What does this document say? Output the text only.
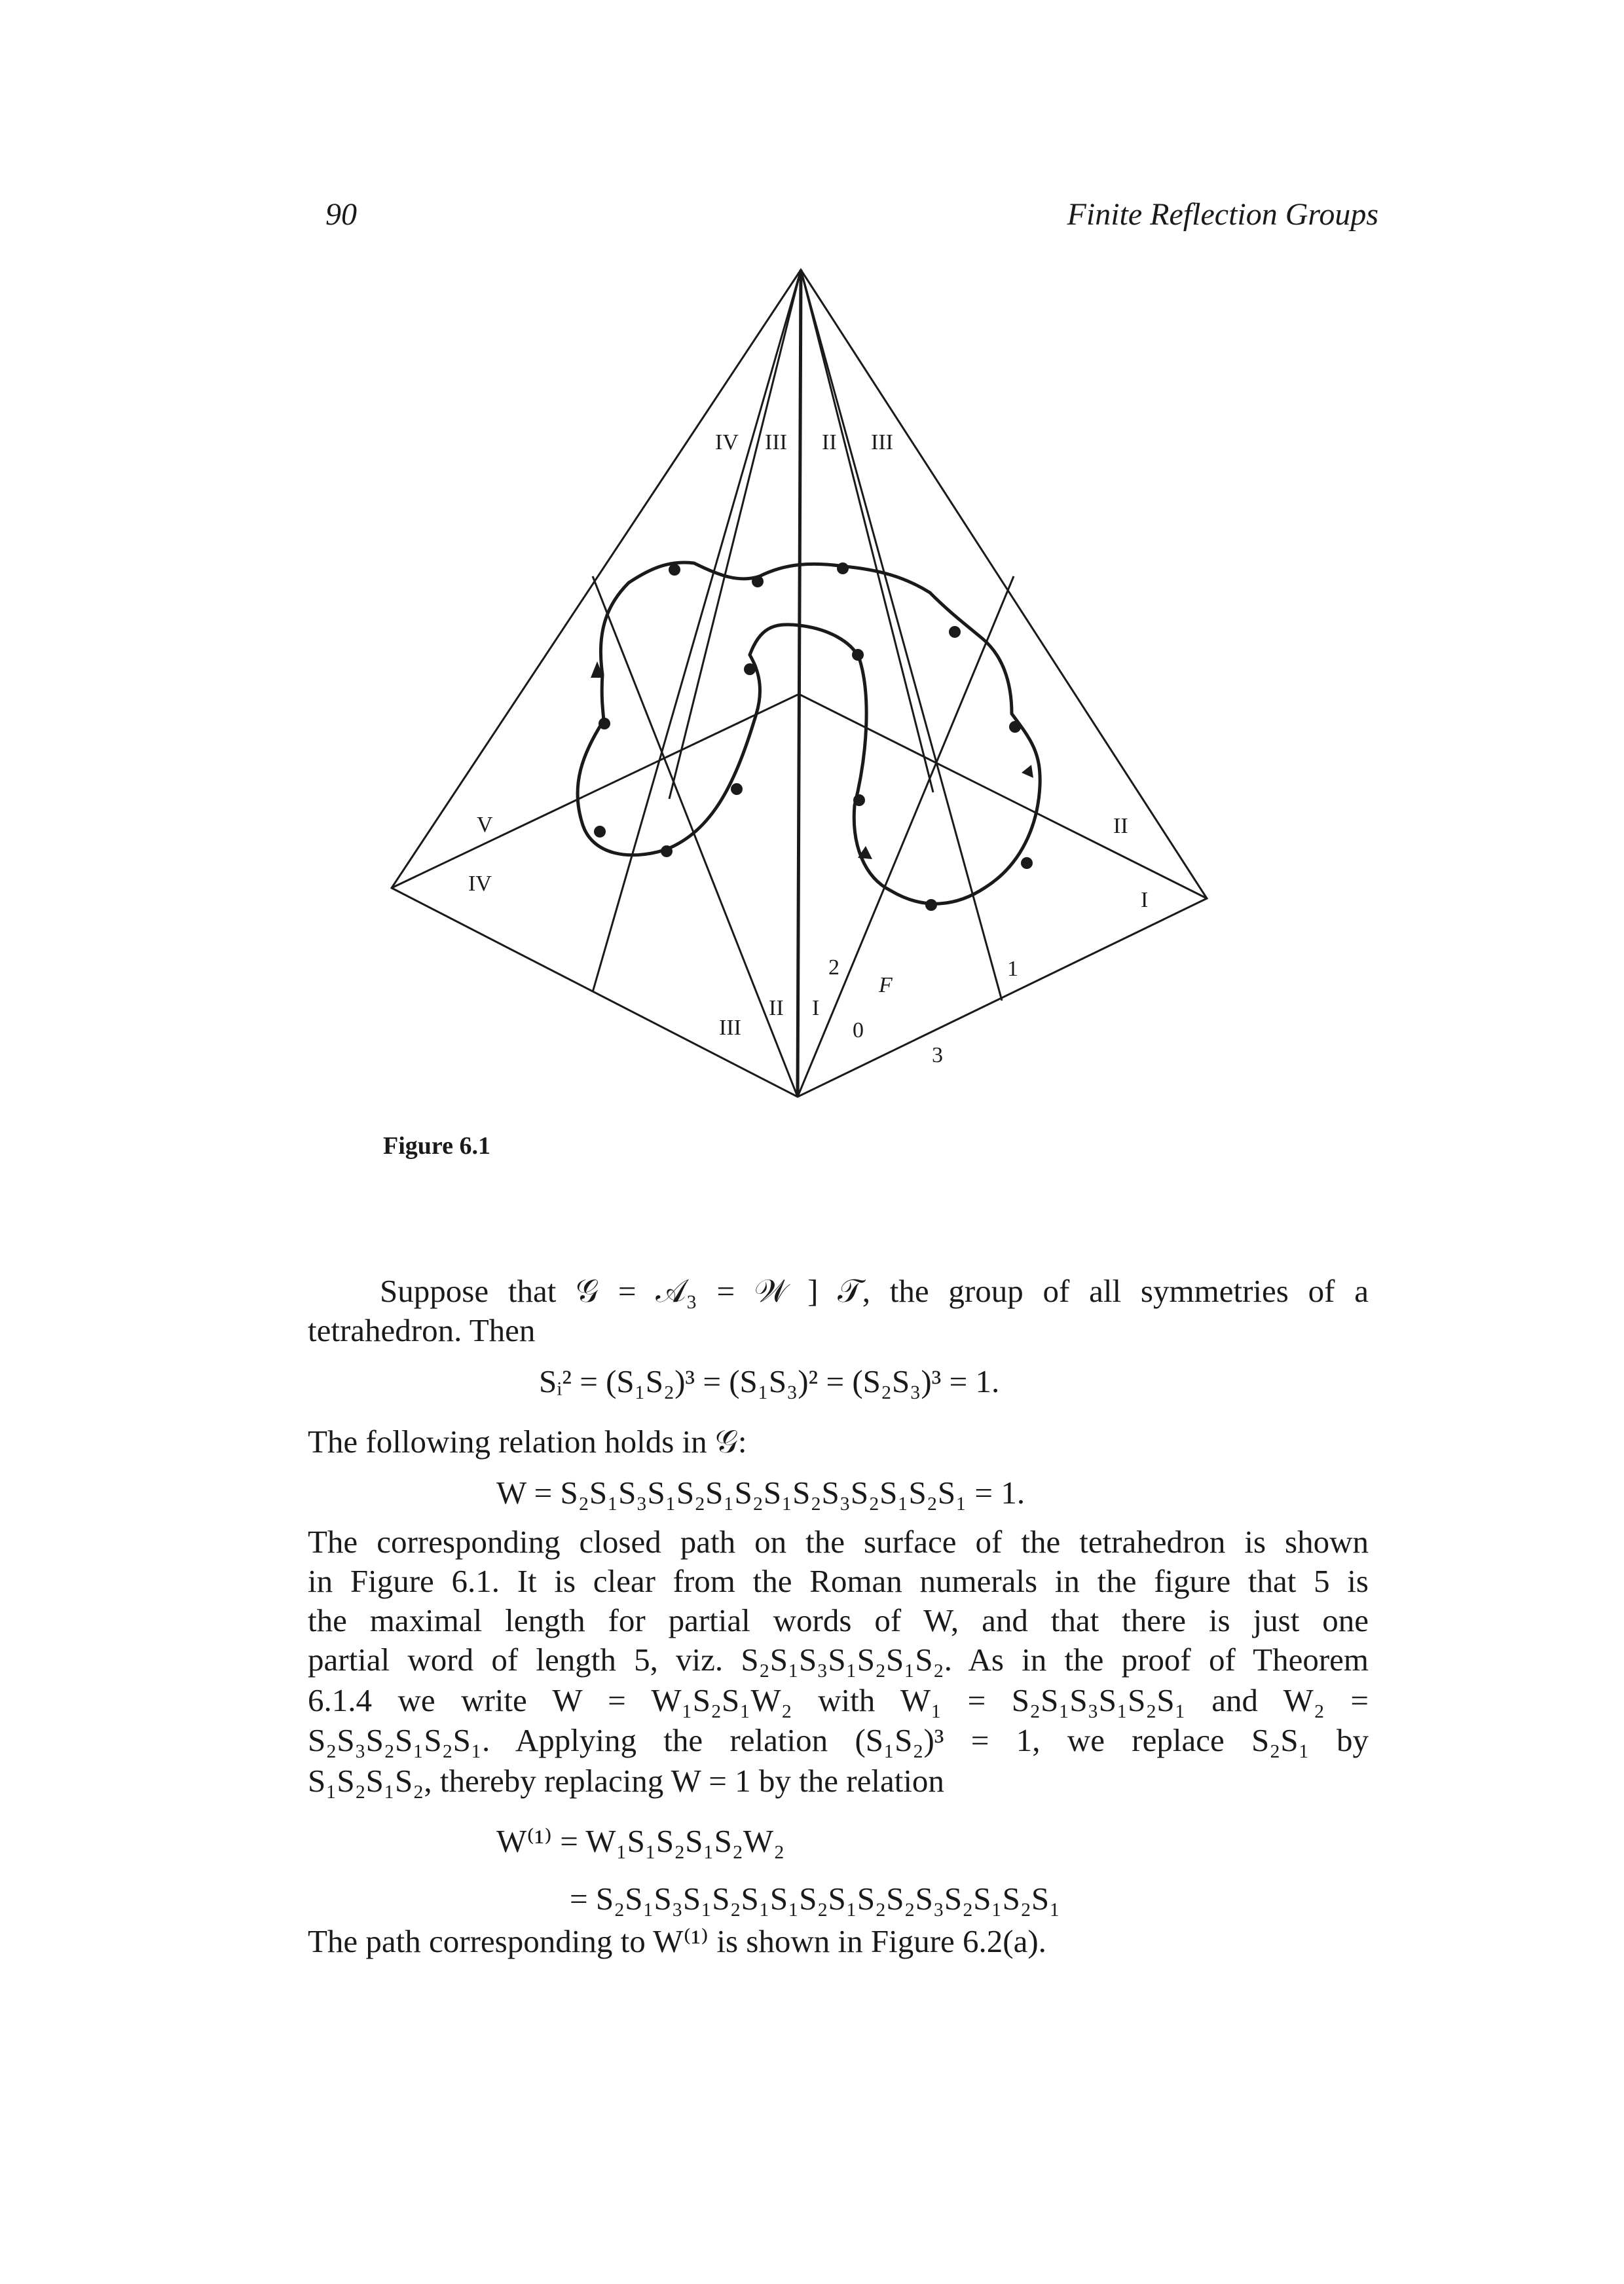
90	Finite Reflection Groups
IV III II III
V
IV
III
II I
II
I
2
F
0
1
3
Figure 6.1
Suppose that 𝒢 = 𝒜₃ = 𝒲 ] 𝒯, the group of all symmetries of a
tetrahedron. Then
Sᵢ² = (S₁S₂)³ = (S₁S₃)² = (S₂S₃)³ = 1.
The following relation holds in 𝒢:
W = S₂S₁S₃S₁S₂S₁S₂S₁S₂S₃S₂S₁S₂S₁ = 1.
The corresponding closed path on the surface of the tetrahedron is shown
in Figure 6.1. It is clear from the Roman numerals in the figure that 5 is
the maximal length for partial words of W, and that there is just one
partial word of length 5, viz. S₂S₁S₃S₁S₂S₁S₂. As in the proof of Theorem
6.1.4 we write W = W₁S₂S₁W₂ with W₁ = S₂S₁S₃S₁S₂S₁ and W₂ =
S₂S₃S₂S₁S₂S₁. Applying the relation (S₁S₂)³ = 1, we replace S₂S₁ by
S₁S₂S₁S₂, thereby replacing W = 1 by the relation
W⁽¹⁾ = W₁S₁S₂S₁S₂W₂
= S₂S₁S₃S₁S₂S₁S₁S₂S₁S₂S₂S₃S₂S₁S₂S₁
The path corresponding to W⁽¹⁾ is shown in Figure 6.2(a).
